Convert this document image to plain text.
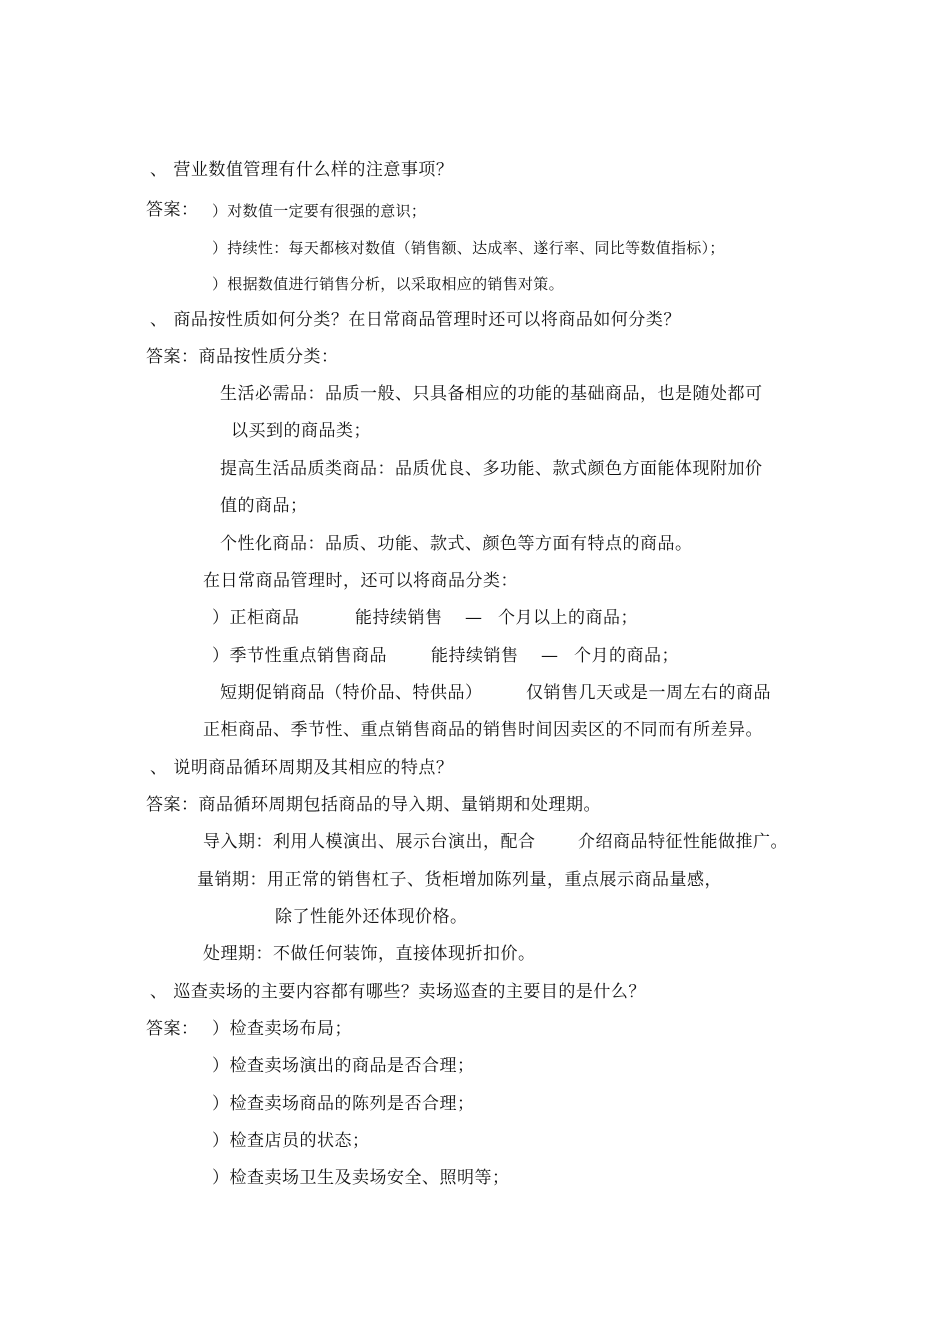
、 营业数值管理有什么样的注意事项？
答案： ）对数值一定要有很强的意识；
）持续性：每天都核对数值（销售额、达成率、遂行率、同比等数值指标）；
）根据数值进行销售分析，以采取相应的销售对策。
、 商品按性质如何分类？在日常商品管理时还可以将商品如何分类？
答案：商品按性质分类：
生活必需品：品质一般、只具备相应的功能的基础商品，也是随处都可
以买到的商品类；
提高生活品质类商品：品质优良、多功能、款式颜色方面能体现附加价
值的商品；
个性化商品：品质、功能、款式、颜色等方面有特点的商品。
在日常商品管理时，还可以将商品分类：
）正柜商品	能持续销售 — 个月以上的商品；
）季节性重点销售商品	能持续销售 — 个月的商品；
短期促销商品（特价品、特供品）	仅销售几天或是一周左右的商品
正柜商品、季节性、重点销售商品的销售时间因卖区的不同而有所差异。
、 说明商品循环周期及其相应的特点？
答案：商品循环周期包括商品的导入期、量销期和处理期。
导入期：利用人模演出、展示台演出，配合	介绍商品特征性能做推广。
量销期：用正常的销售杠子、货柜增加陈列量，重点展示商品量感，
除了性能外还体现价格。
处理期：不做任何装饰，直接体现折扣价。
、 巡查卖场的主要内容都有哪些？卖场巡查的主要目的是什么？
答案： ）检查卖场布局；
）检查卖场演出的商品是否合理；
）检查卖场商品的陈列是否合理；
）检查店员的状态；
）检查卖场卫生及卖场安全、照明等；
